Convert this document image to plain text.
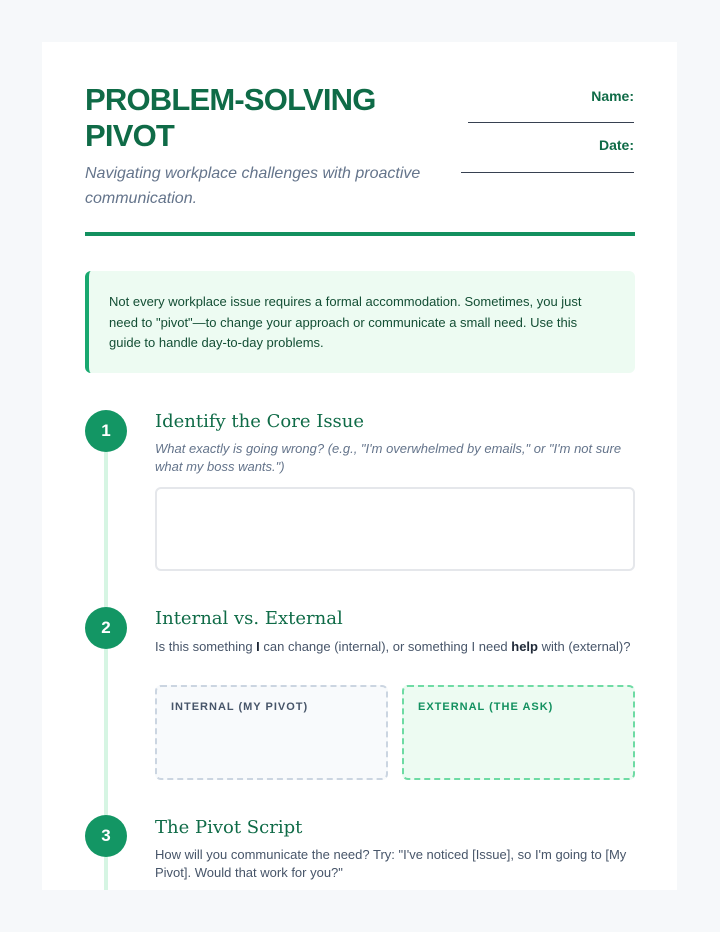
PROBLEM-SOLVING PIVOT
Navigating workplace challenges with proactive communication.
Name:
Date:
Not every workplace issue requires a formal accommodation. Sometimes, you just need to "pivot"—to change your approach or communicate a small need. Use this guide to handle day-to-day problems.
1	Identify the Core Issue
What exactly is going wrong? (e.g., "I'm overwhelmed by emails," or "I'm not sure what my boss wants.")
2	Internal vs. External
Is this something I can change (internal), or something I need help with (external)?
INTERNAL (MY PIVOT)	EXTERNAL (THE ASK)
3	The Pivot Script
How will you communicate the need? Try: "I've noticed [Issue], so I'm going to [My Pivot]. Would that work for you?"
